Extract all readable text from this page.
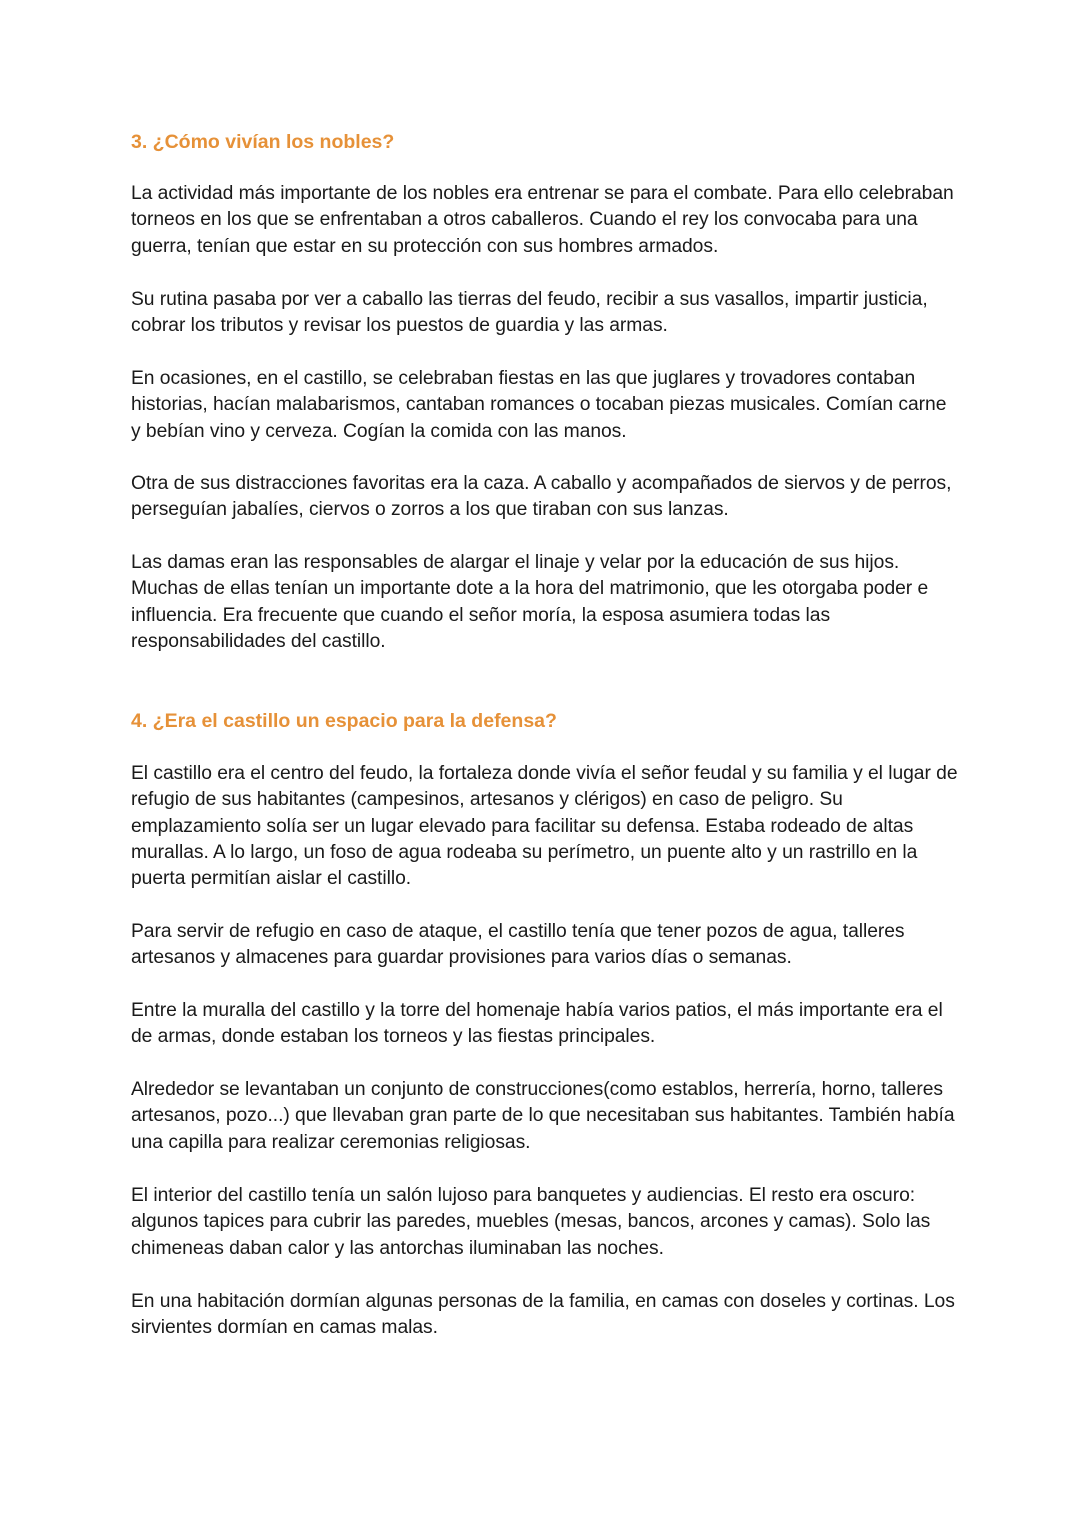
3. ¿Cómo vivían los nobles?

La actividad más importante de los nobles era entrenar se para el combate. Para ello celebraban torneos en los que se enfrentaban a otros caballeros. Cuando el rey los convocaba para una guerra, tenían que estar en su protección con sus hombres armados.

Su rutina pasaba por ver a caballo las tierras del feudo, recibir a sus vasallos, impartir justicia, cobrar los tributos y revisar los puestos de guardia y las armas.

En ocasiones, en el castillo, se celebraban fiestas en las que juglares y trovadores contaban historias, hacían malabarismos, cantaban romances o tocaban piezas musicales. Comían carne y bebían vino y cerveza. Cogían la comida con las manos.

Otra de sus distracciones favoritas era la caza. A caballo y acompañados de siervos y de perros, perseguían jabalíes, ciervos o zorros a los que tiraban con sus lanzas.

Las damas eran las responsables de alargar el linaje y velar por la educación de sus hijos. Muchas de ellas tenían un importante dote a la hora del matrimonio, que les otorgaba poder e influencia. Era frecuente que cuando el señor moría, la esposa asumiera todas las responsabilidades del castillo.

4. ¿Era el castillo un espacio para la defensa?

El castillo era el centro del feudo, la fortaleza donde vivía el señor feudal y su familia y el lugar de refugio de sus habitantes (campesinos, artesanos y clérigos) en caso de peligro. Su emplazamiento solía ser un lugar elevado para facilitar su defensa. Estaba rodeado de altas murallas. A lo largo, un foso de agua rodeaba su perímetro, un puente alto y un rastrillo en la puerta permitían aislar el castillo.

Para servir de refugio en caso de ataque, el castillo tenía que tener pozos de agua, talleres artesanos y almacenes para guardar provisiones para varios días o semanas.

Entre la muralla del castillo y la torre del homenaje había varios patios, el más importante era el de armas, donde estaban los torneos y las fiestas principales.

Alrededor se levantaban un conjunto de construcciones(como establos, herrería, horno, talleres artesanos, pozo...) que llevaban gran parte de lo que necesitaban sus habitantes. También había una capilla para realizar ceremonias religiosas.

El interior del castillo tenía un salón lujoso para banquetes y audiencias. El resto era oscuro: algunos tapices para cubrir las paredes, muebles (mesas, bancos, arcones y camas). Solo las chimeneas daban calor y las antorchas iluminaban las noches.

En una habitación dormían algunas personas de la familia, en camas con doseles y cortinas. Los sirvientes dormían en camas malas.
